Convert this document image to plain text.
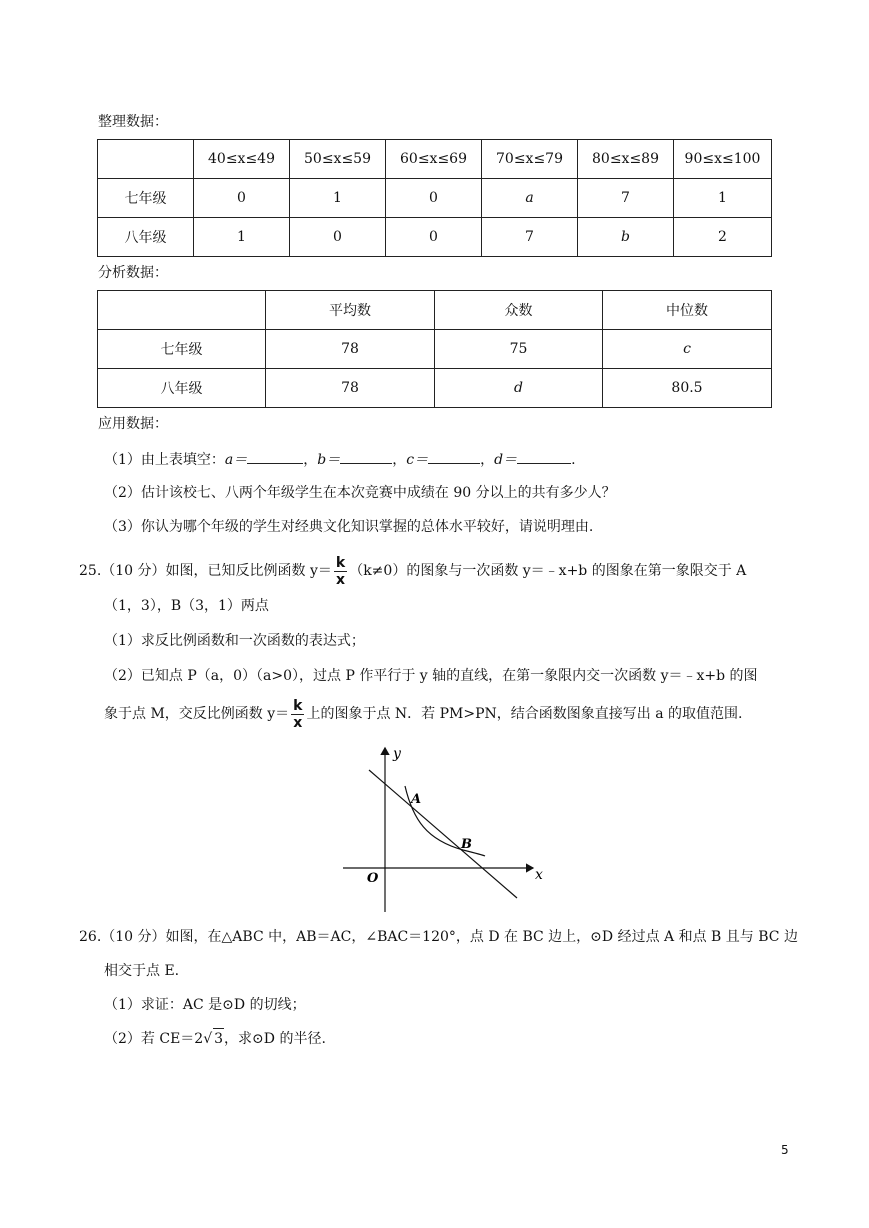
整理数据：
	40≤x≤49	50≤x≤59	60≤x≤69	70≤x≤79	80≤x≤89	90≤x≤100
七年级	0	1	0	a	7	1
八年级	1	0	0	7	b	2
分析数据：
	平均数	众数	中位数
七年级	78	75	c
八年级	78	d	80.5
应用数据：
（1）由上表填空：a＝	，b＝	，c＝	，d＝	.
（2）估计该校七、八两个年级学生在本次竞赛中成绩在 90 分以上的共有多少人？
（3）你认为哪个年级的学生对经典文化知识掌握的总体水平较好，请说明理由.
25.（10 分）如图，已知反比例函数 $y= \frac{k}{x} (k\ne 0)$的图象与一次函数 y＝﹣x+b 的图象在第一象限交于 A
（1，3），B（3，1）两点
（1）求反比例函数和一次函数的表达式；
（2）已知点 P（a，0）（a>0），过点 P 作平行于 y 轴的直线，在第一象限内交一次函数 y＝﹣x+b 的图
象于点 M，交反比例函数 $y= \frac{k}{x}$ 上的图象于点 N．若 PM>PN，结合函数图象直接写出 a 的取值范围.
y
x
O
A
B
26.（10 分）如图，在△ABC 中，AB＝AC，∠BAC＝120°，点 D 在 BC 边上，⊙D 经过点 A 和点 B 且与 BC 边
相交于点 E.
（1）求证：AC 是⊙D 的切线；
（2）若 CE＝2√ 3，求⊙D 的半径.
5
